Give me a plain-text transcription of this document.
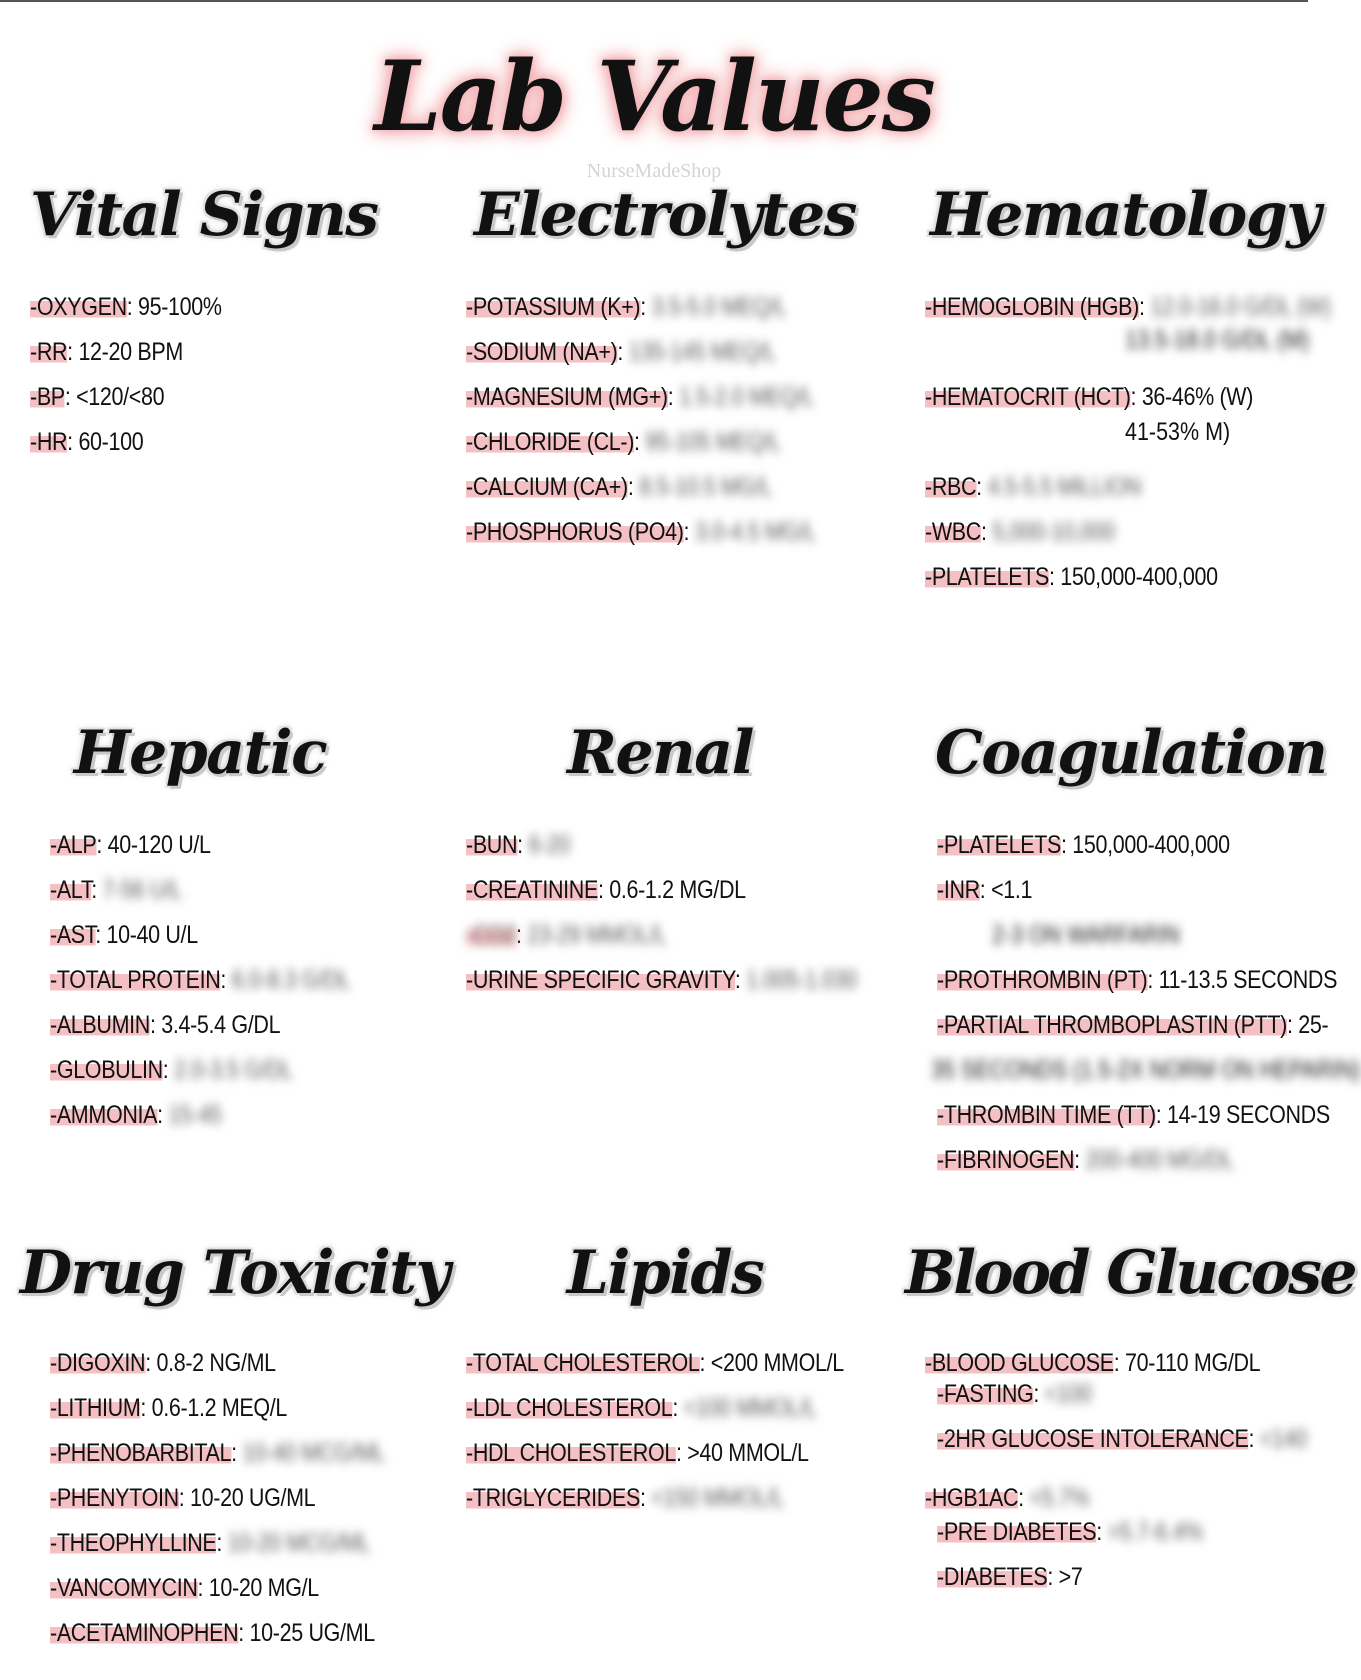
Lab Values
NurseMadeShop
Vital Signs
-OXYGEN: 95-100%
-RR: 12-20 BPM
-BP: <120/<80
-HR: 60-100
Electrolytes
-POTASSIUM (K+): 3.5-5.0 MEQ/L
-SODIUM (NA+): 135-145 MEQ/L
-MAGNESIUM (MG+): 1.5-2.0 MEQ/L
-CHLORIDE (CL-): 95-105 MEQ/L
-CALCIUM (CA+): 8.5-10.5 MG/L
-PHOSPHORUS (PO4): 3.0-4.5 MG/L
Hematology
-HEMOGLOBIN (HGB): 12.0-16.0 G/DL (W)
13.5-18.0 G/DL (M)
-HEMATOCRIT (HCT): 36-46% (W)
41-53% M)
-RBC: 4.5-5.5 MILLION
-WBC: 5,000-10,000
-PLATELETS: 150,000-400,000
Hepatic
-ALP: 40-120 U/L
-ALT: 7-56 U/L
-AST: 10-40 U/L
-TOTAL PROTEIN: 6.0-8.3 G/DL
-ALBUMIN: 3.4-5.4 G/DL
-GLOBULIN: 2.0-3.5 G/DL
-AMMONIA: 15-45
Renal
-BUN: 6-20
-CREATININE: 0.6-1.2 MG/DL
-CO2: 23-29 MMOL/L
-URINE SPECIFIC GRAVITY: 1.005-1.030
Coagulation
-PLATELETS: 150,000-400,000
-INR: <1.1
2-3 ON WARFARIN
-PROTHROMBIN (PT): 11-13.5 SECONDS
-PARTIAL THROMBOPLASTIN (PTT): 25-
35 SECONDS (1.5-2X NORM ON HEPARIN)
-THROMBIN TIME (TT): 14-19 SECONDS
-FIBRINOGEN: 200-400 MG/DL
Drug Toxicity
-DIGOXIN: 0.8-2 NG/ML
-LITHIUM: 0.6-1.2 MEQ/L
-PHENOBARBITAL: 10-40 MCG/ML
-PHENYTOIN: 10-20 UG/ML
-THEOPHYLLINE: 10-20 MCG/ML
-VANCOMYCIN: 10-20 MG/L
-ACETAMINOPHEN: 10-25 UG/ML
Lipids
-TOTAL CHOLESTEROL: <200 MMOL/L
-LDL CHOLESTEROL: <100 MMOL/L
-HDL CHOLESTEROL: >40 MMOL/L
-TRIGLYCERIDES: <150 MMOL/L
Blood Glucose
-BLOOD GLUCOSE: 70-110 MG/DL
-FASTING: <100
-2HR GLUCOSE INTOLERANCE: <140
-HGB1AC: <5.7%
-PRE DIABETES: >5.7-6.4%
-DIABETES: >7
